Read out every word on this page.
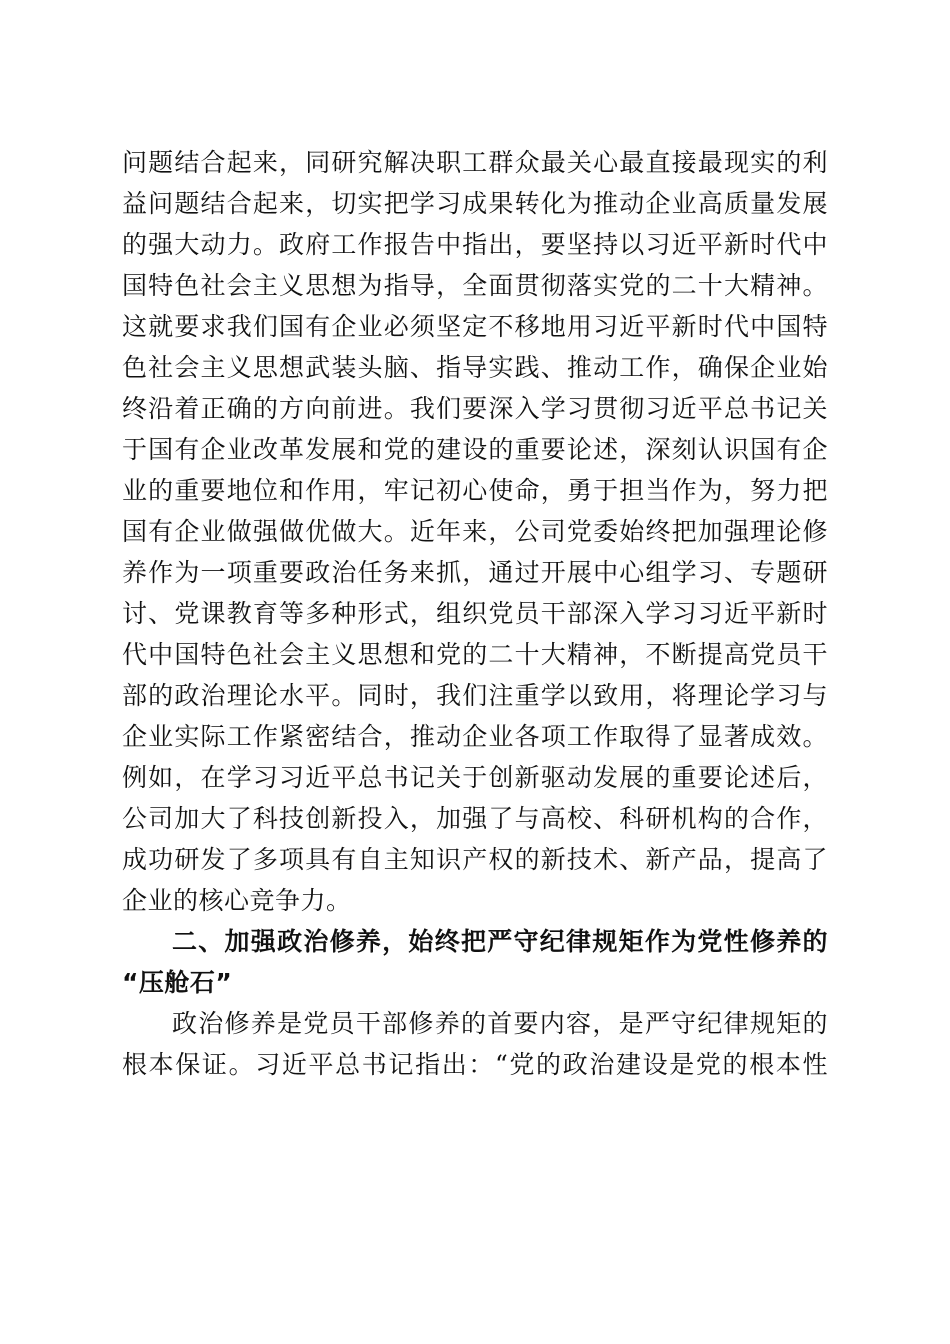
问题结合起来，同研究解决职工群众最关心最直接最现实的利
益问题结合起来，切实把学习成果转化为推动企业高质量发展
的强大动力。政府工作报告中指出，要坚持以习近平新时代中
国特色社会主义思想为指导，全面贯彻落实党的二十大精神。
这就要求我们国有企业必须坚定不移地用习近平新时代中国特
色社会主义思想武装头脑、指导实践、推动工作，确保企业始
终沿着正确的方向前进。我们要深入学习贯彻习近平总书记关
于国有企业改革发展和党的建设的重要论述，深刻认识国有企
业的重要地位和作用，牢记初心使命，勇于担当作为，努力把
国有企业做强做优做大。近年来，公司党委始终把加强理论修
养作为一项重要政治任务来抓，通过开展中心组学习、专题研
讨、党课教育等多种形式，组织党员干部深入学习习近平新时
代中国特色社会主义思想和党的二十大精神，不断提高党员干
部的政治理论水平。同时，我们注重学以致用，将理论学习与
企业实际工作紧密结合，推动企业各项工作取得了显著成效。
例如，在学习习近平总书记关于创新驱动发展的重要论述后，
公司加大了科技创新投入，加强了与高校、科研机构的合作，
成功研发了多项具有自主知识产权的新技术、新产品，提高了
企业的核心竞争力。
二、加强政治修养，始终把严守纪律规矩作为党性修养的
“压舱石”
政治修养是党员干部修养的首要内容，是严守纪律规矩的
根本保证。习近平总书记指出：“党的政治建设是党的根本性
